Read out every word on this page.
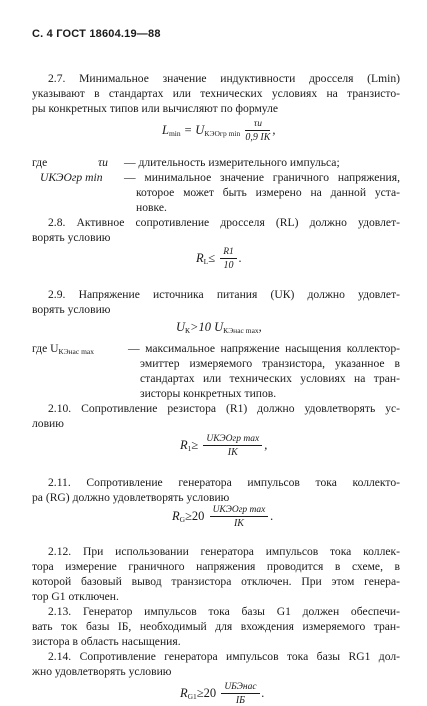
С. 4 ГОСТ 18604.19—88
2.7. Минимальное значение индуктивности дросселя (Lmin)
указывают в стандартах или технических условиях на транзисто-
ры конкретных типов или вычисляют по формуле
$L_{min} = U_{КЭОгр min} \frac{\tau и}{0,9 IК}$ ,
где	τи — длительность измерительного импульса;
UКЭОгр min — минимальное значение граничного напряжения,
которое может быть измерено на данной уста-
новке.
2.8. Активное сопротивление дросселя (RL) должно удовлет-
ворять условию
$R_L\le \frac{R1}{10}$ .
2.9. Напряжение источника питания (UК) должно удовлет-
ворять условию
$U_К>10$ $U_{КЭнас max}$,
где $U_{КЭнас max}$	— максимальное напряжение насыщения коллектор-
эмиттер измеряемого транзистора, указанное в
стандартах или технических условиях на тран-
зисторы конкретных типов.
2.10. Сопротивление резистора (R1) должно удовлетворять ус-
ловию
$R_1\ge \frac{\text{UКЭОгр max}}{IК}$ ,
2.11. Сопротивление генератора импульсов тока коллекто-
ра (RG) должно удовлетворять условию
$R_G\ge 20 \frac{\text{UКЭОгр max}}{IК}$ .
2.12. При использовании генератора импульсов тока коллек-
тора измерение граничного напряжения проводится в схеме, в
которой базовый вывод транзистора отключен. При этом генера-
тор G1 отключен.
2.13. Генератор импульсов тока базы G1 должен обеспечи-
вать ток базы IБ, необходимый для вхождения измеряемого тран-
зистора в область насыщения.
2.14. Сопротивление генератора импульсов тока базы RG1 дол-
жно удовлетворять условию
$R_{G1}\ge 20 \frac{\text{UБЭнас}}{IБ}$ .
